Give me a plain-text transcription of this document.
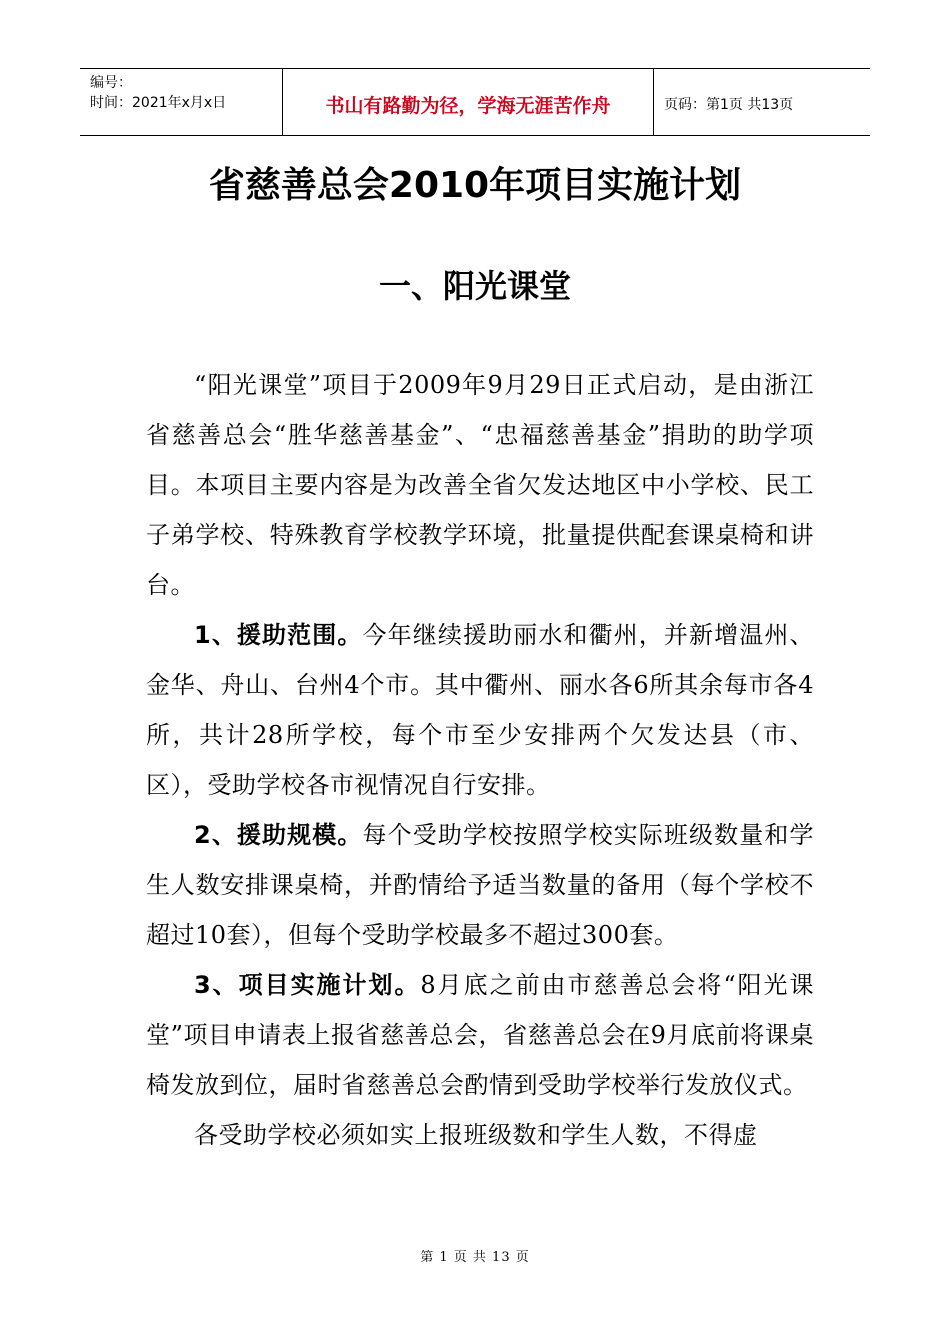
编号：
时间：2021年x月x日	书山有路勤为径，学海无涯苦作舟	页码：第1页 共13页
省慈善总会2010年项目实施计划
一、阳光课堂

“阳光课堂”项目于2009年9月29日正式启动，是由浙江省慈善总会“胜华慈善基金”、“忠福慈善基金”捐助的助学项目。本项目主要内容是为改善全省欠发达地区中小学校、民工子弟学校、特殊教育学校教学环境，批量提供配套课桌椅和讲台。

1、援助范围。今年继续援助丽水和衢州，并新增温州、金华、舟山、台州4个市。其中衢州、丽水各6所其余每市各4所，共计28所学校，每个市至少安排两个欠发达县（市、区），受助学校各市视情况自行安排。

2、援助规模。每个受助学校按照学校实际班级数量和学生人数安排课桌椅，并酌情给予适当数量的备用（每个学校不超过10套），但每个受助学校最多不超过300套。

3、项目实施计划。8月底之前由市慈善总会将“阳光课堂”项目申请表上报省慈善总会，省慈善总会在9月底前将课桌椅发放到位，届时省慈善总会酌情到受助学校举行发放仪式。

各受助学校必须如实上报班级数和学生人数，不得虚

第 1 页 共 13 页
